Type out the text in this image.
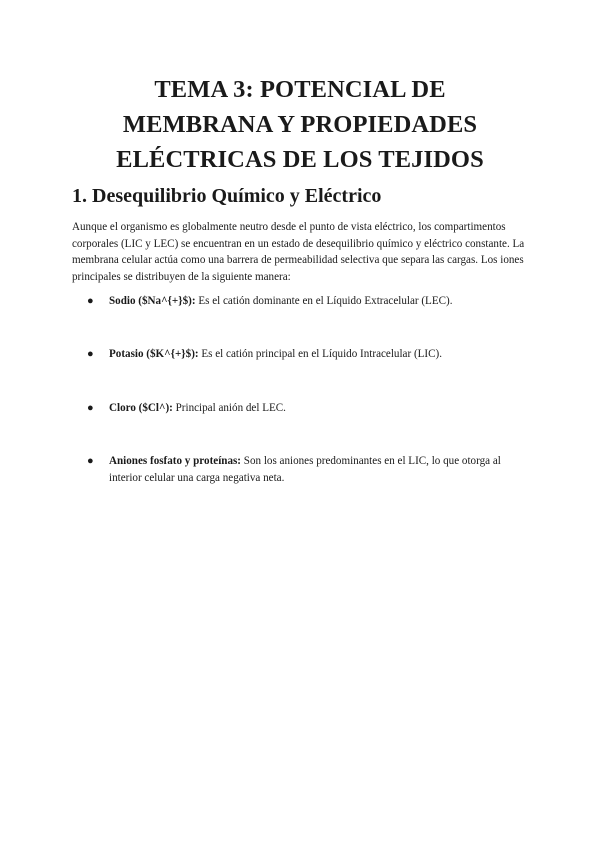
TEMA 3: POTENCIAL DE
MEMBRANA Y PROPIEDADES
ELÉCTRICAS DE LOS TEJIDOS
1. Desequilibrio Químico y Eléctrico

Aunque el organismo es globalmente neutro desde el punto de vista eléctrico, los compartimentos
corporales (LIC y LEC) se encuentran en un estado de desequilibrio químico y eléctrico constante. La
membrana celular actúa como una barrera de permeabilidad selectiva que separa las cargas. Los iones
principales se distribuyen de la siguiente manera:

● Sodio ($Na^{+}$): Es el catión dominante en el Líquido Extracelular (LEC).
● Potasio ($K^{+}$): Es el catión principal en el Líquido Intracelular (LIC).
● Cloro ($Cl^): Principal anión del LEC.
● Aniones fosfato y proteínas: Son los aniones predominantes en el LIC, lo que otorga al
interior celular una carga negativa neta.
